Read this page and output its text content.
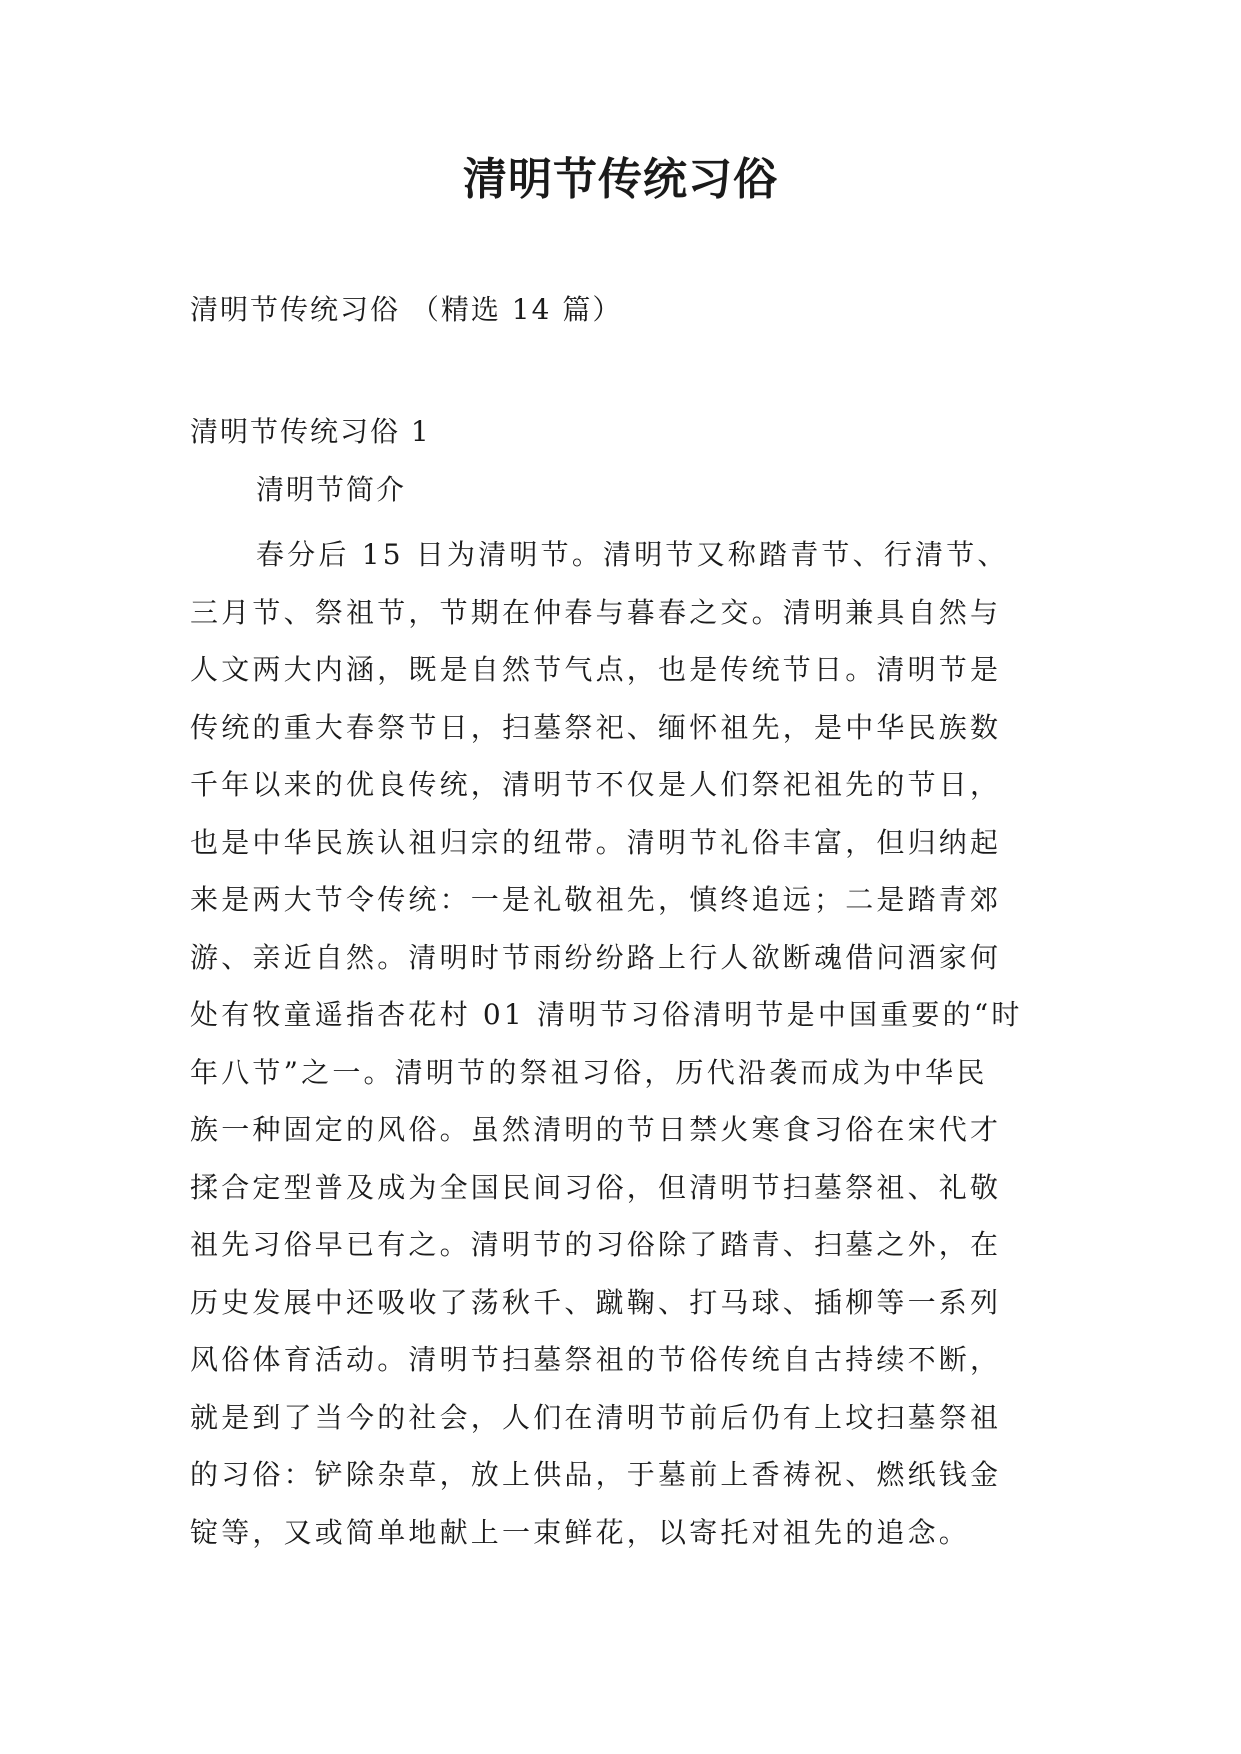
清明节传统习俗
清明节传统习俗 （精选 14 篇）
清明节传统习俗 1
清明节简介
春分后 15 日为清明节。清明节又称踏青节、行清节、
三月节、祭祖节，节期在仲春与暮春之交。清明兼具自然与
人文两大内涵，既是自然节气点，也是传统节日。清明节是
传统的重大春祭节日，扫墓祭祀、缅怀祖先，是中华民族数
千年以来的优良传统，清明节不仅是人们祭祀祖先的节日，
也是中华民族认祖归宗的纽带。清明节礼俗丰富，但归纳起
来是两大节令传统：一是礼敬祖先，慎终追远；二是踏青郊
游、亲近自然。清明时节雨纷纷路上行人欲断魂借问酒家何
处有牧童遥指杏花村 01 清明节习俗清明节是中国重要的“时
年八节”之一。清明节的祭祖习俗，历代沿袭而成为中华民
族一种固定的风俗。虽然清明的节日禁火寒食习俗在宋代才
揉合定型普及成为全国民间习俗，但清明节扫墓祭祖、礼敬
祖先习俗早已有之。清明节的习俗除了踏青、扫墓之外，在
历史发展中还吸收了荡秋千、蹴鞠、打马球、插柳等一系列
风俗体育活动。清明节扫墓祭祖的节俗传统自古持续不断，
就是到了当今的社会，人们在清明节前后仍有上坟扫墓祭祖
的习俗：铲除杂草，放上供品，于墓前上香祷祝、燃纸钱金
锭等，又或简单地献上一束鲜花，以寄托对祖先的追念。
